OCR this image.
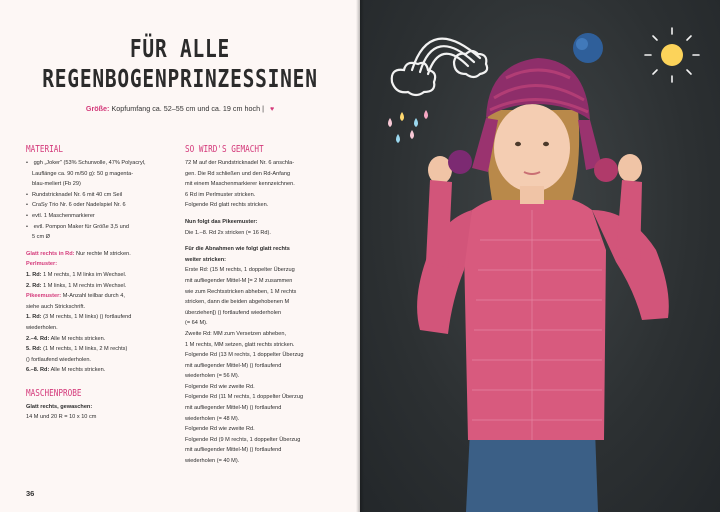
FÜR ALLE
REGENBOGENPRINZESSINEN
Größe: Kopfumfang ca. 52–55 cm und ca. 19 cm hoch | ♥
MATERIAL
• ggh „Joker" (53% Schurwolle, 47% Polyacryl,
Lauflänge ca. 90 m/50 g): 50 g magenta-
blau-meliert (Fb 29)
• Rundstricknadel Nr. 6 mit 40 cm Seil
• CraSy Trio Nr. 6 oder Nadelspiel Nr. 6
• evtl. 1 Maschenmarkierer
• evtl. Pompon Maker für Größe 3,5 und
5 cm Ø
Glatt rechts in Rd: Nur rechte M stricken.
Perlmuster:
1. Rd: 1 M rechts, 1 M links im Wechsel.
2. Rd: 1 M links, 1 M rechts im Wechsel.
Pikeemuster: M-Anzahl teilbar durch 4,
siehe auch Strickschrift.
1. Rd: (3 M rechts, 1 M links) () fortlaufend
wiederholen.
2.–4. Rd: Alle M rechts stricken.
5. Rd: (1 M rechts, 1 M links, 2 M rechts)
() fortlaufend wiederholen.
6.–8. Rd: Alle M rechts stricken.
MASCHENPROBE
Glatt rechts, gewaschen:
14 M und 20 R = 10 x 10 cm
SO WIRD'S GEMACHT
72 M auf der Rundstricknadel Nr. 6 anschla-
gen. Die Rd schließen und den Rd-Anfang
mit einem Maschenmarkierer kennzeichnen.
6 Rd im Perlmuster stricken.
Folgende Rd glatt rechts stricken.
Nun folgt das Pikeemuster:
Die 1.–8. Rd 2x stricken (= 16 Rd).
Für die Abnahmen wie folgt glatt rechts
weiter stricken:
Erste Rd: (15 M rechts, 1 doppelter Überzug
mit aufliegender Mittel-M [= 2 M zusammen
wie zum Rechtsstricken abheben, 1 M rechts
stricken, dann die beiden abgehobenen M
überziehen]) () fortlaufend wiederholen
(= 64 M).
Zweite Rd: MM zum Versetzen abheben,
1 M rechts, MM setzen, glatt rechts stricken.
Folgende Rd (13 M rechts, 1 doppelter Überzug
mit aufliegender Mittel-M) () fortlaufend
wiederholen (= 56 M).
Folgende Rd wie zweite Rd.
Folgende Rd (11 M rechts, 1 doppelter Überzug
mit aufliegender Mittel-M) () fortlaufend
wiederholen (= 48 M).
Folgende Rd wie zweite Rd.
Folgende Rd (9 M rechts, 1 doppelter Überzug
mit aufliegender Mittel-M) () fortlaufend
wiederholen (= 40 M).
36
